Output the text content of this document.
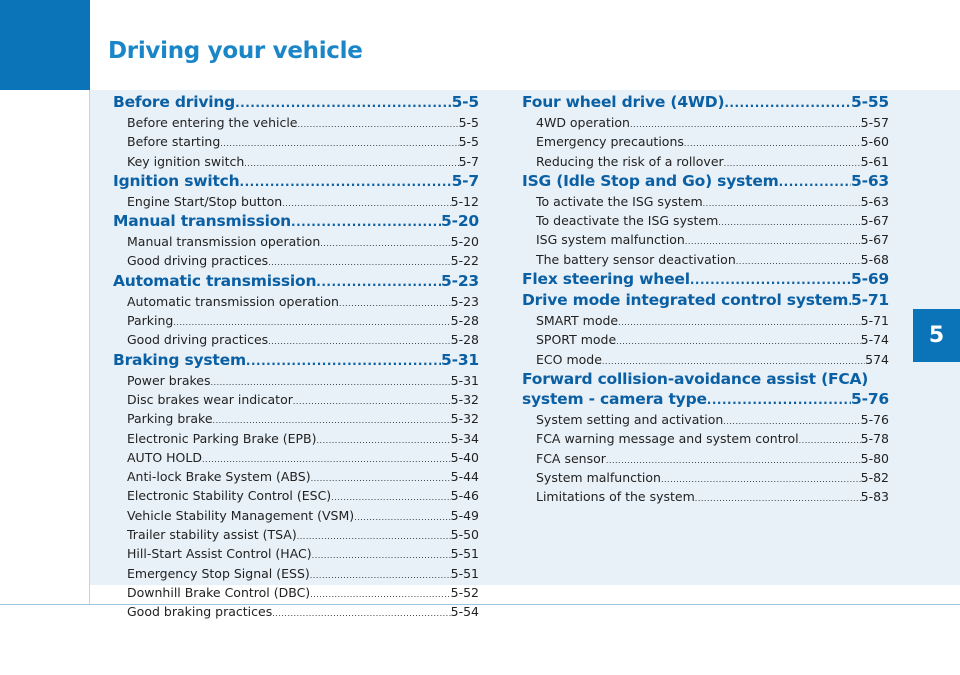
Driving your vehicle
5
Before driving .....	5-5
Before entering the vehicle .....	5-5
Before starting .....	5-5
Key ignition switch .....	5-7
Ignition switch .....	5-7
Engine Start/Stop button .....	5-12
Manual transmission .....	5-20
Manual transmission operation .....	5-20
Good driving practices .....	5-22
Automatic transmission .....	5-23
Automatic transmission operation .....	5-23
Parking .....	5-28
Good driving practices .....	5-28
Braking system .....	5-31
Power brakes .....	5-31
Disc brakes wear indicator .....	5-32
Parking brake .....	5-32
Electronic Parking Brake (EPB) .....	5-34
AUTO HOLD .....	5-40
Anti-lock Brake System (ABS) .....	5-44
Electronic Stability Control (ESC) .....	5-46
Vehicle Stability Management (VSM) .....	5-49
Trailer stability assist (TSA) .....	5-50
Hill-Start Assist Control (HAC) .....	5-51
Emergency Stop Signal (ESS) .....	5-51
Downhill Brake Control (DBC) .....	5-52
Good braking practices .....	5-54
Four wheel drive (4WD) .....	5-55
4WD operation .....	5-57
Emergency precautions .....	5-60
Reducing the risk of a rollover .....	5-61
ISG (Idle Stop and Go) system .....	5-63
To activate the ISG system .....	5-63
To deactivate the ISG system .....	5-67
ISG system malfunction .....	5-67
The battery sensor deactivation .....	5-68
Flex steering wheel .....	5-69
Drive mode integrated control system ..... 5-71
SMART mode .....	5-71
SPORT mode .....	5-74
ECO mode .....	574
Forward collision-avoidance assist (FCA)
system - camera type .....	5-76
System setting and activation .....	5-76
FCA warning message and system control .....	5-78
FCA sensor .....	5-80
System malfunction .....	5-82
Limitations of the system .....	5-83
